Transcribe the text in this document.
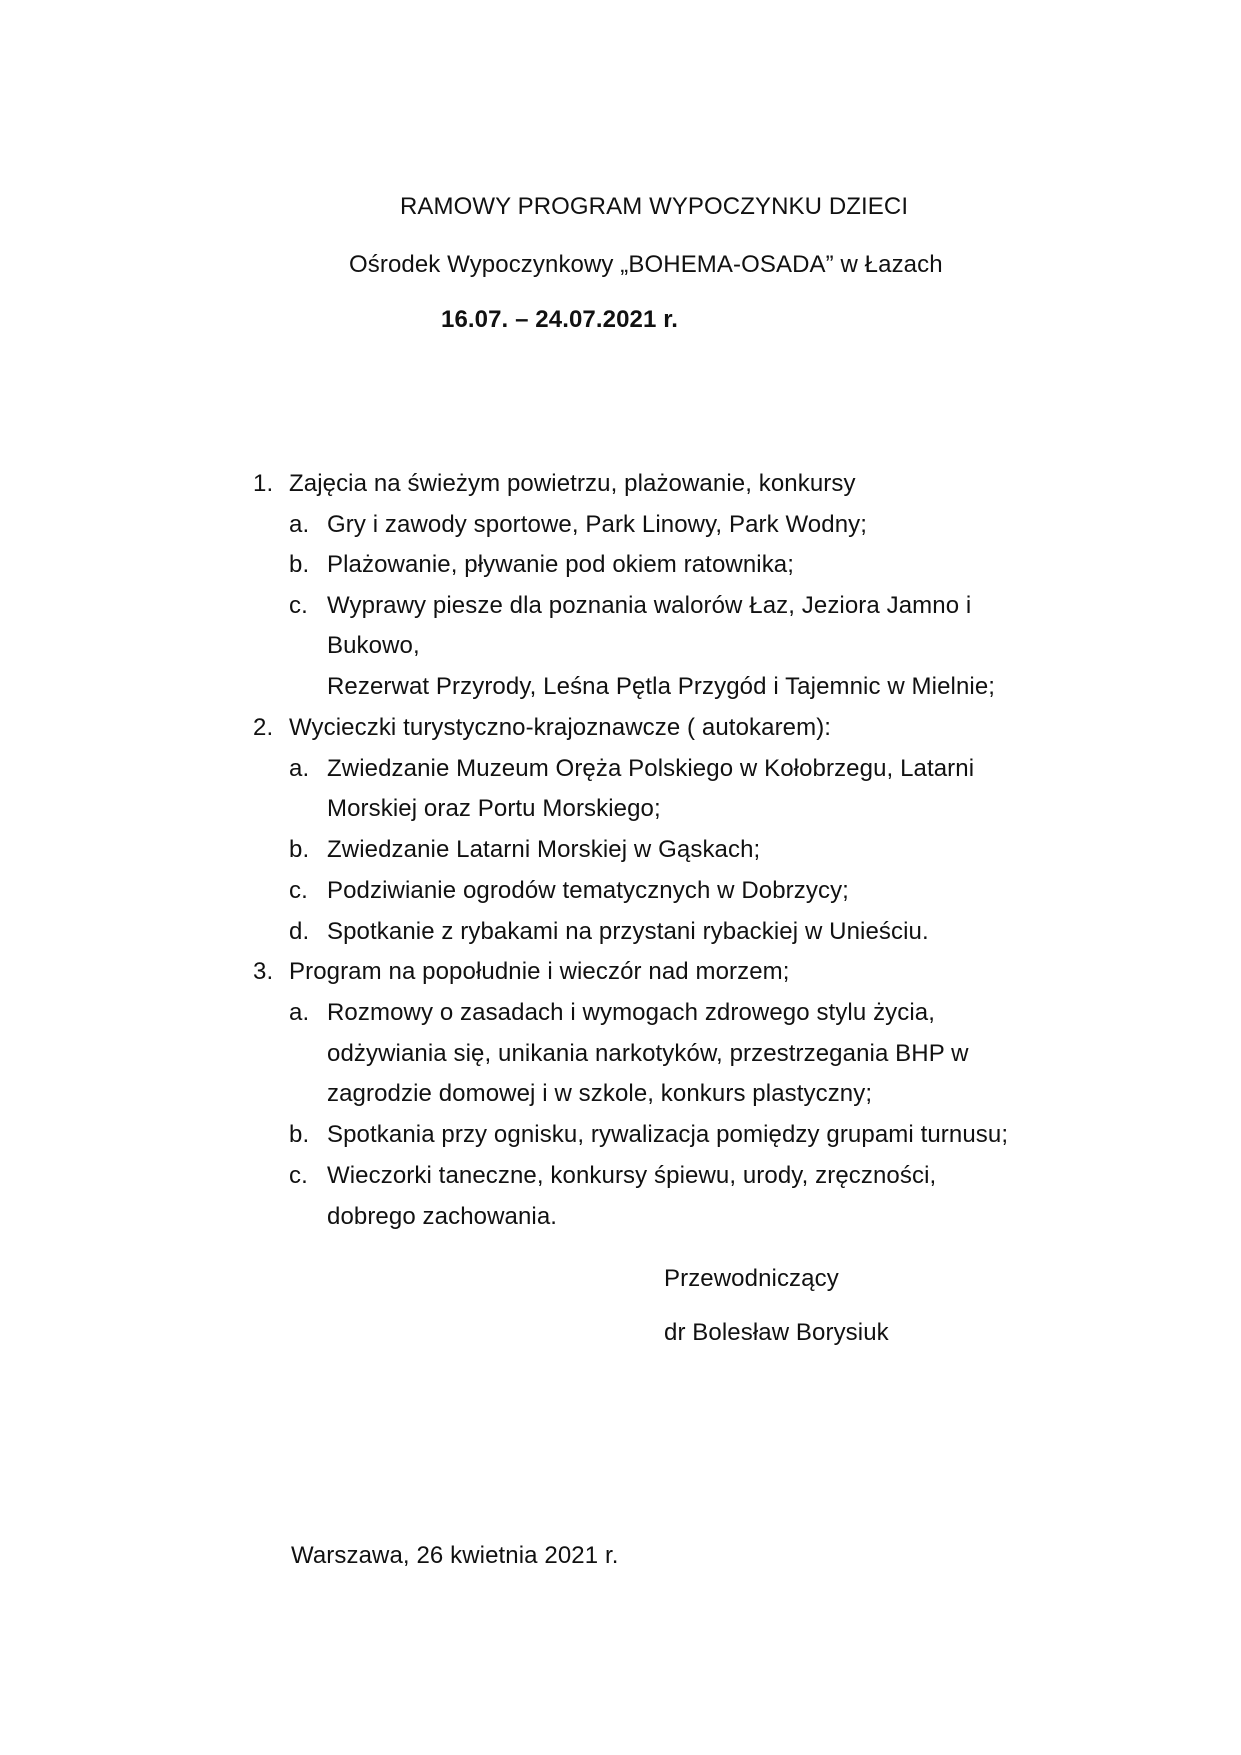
RAMOWY PROGRAM WYPOCZYNKU DZIECI
Ośrodek Wypoczynkowy „BOHEMA-OSADA” w Łazach
16.07. – 24.07.2021 r.
1. Zajęcia na świeżym powietrzu, plażowanie, konkursy
a. Gry i zawody sportowe, Park Linowy, Park Wodny;
b. Plażowanie, pływanie pod okiem ratownika;
c. Wyprawy piesze dla poznania walorów Łaz, Jeziora Jamno i
Bukowo,
Rezerwat Przyrody, Leśna Pętla Przygód i Tajemnic w Mielnie;
2. Wycieczki turystyczno-krajoznawcze ( autokarem):
a. Zwiedzanie Muzeum Oręża Polskiego w Kołobrzegu, Latarni
Morskiej oraz Portu Morskiego;
b. Zwiedzanie Latarni Morskiej w Gąskach;
c. Podziwianie ogrodów tematycznych w Dobrzycy;
d. Spotkanie z rybakami na przystani rybackiej w Unieściu.
3. Program na popołudnie i wieczór nad morzem;
a. Rozmowy o zasadach i wymogach zdrowego stylu życia,
odżywiania się, unikania narkotyków, przestrzegania BHP w
zagrodzie domowej i w szkole, konkurs plastyczny;
b. Spotkania przy ognisku, rywalizacja pomiędzy grupami turnusu;
c. Wieczorki taneczne, konkursy śpiewu, urody, zręczności,
dobrego zachowania.
Przewodniczący
dr Bolesław Borysiuk
Warszawa, 26 kwietnia 2021 r.
